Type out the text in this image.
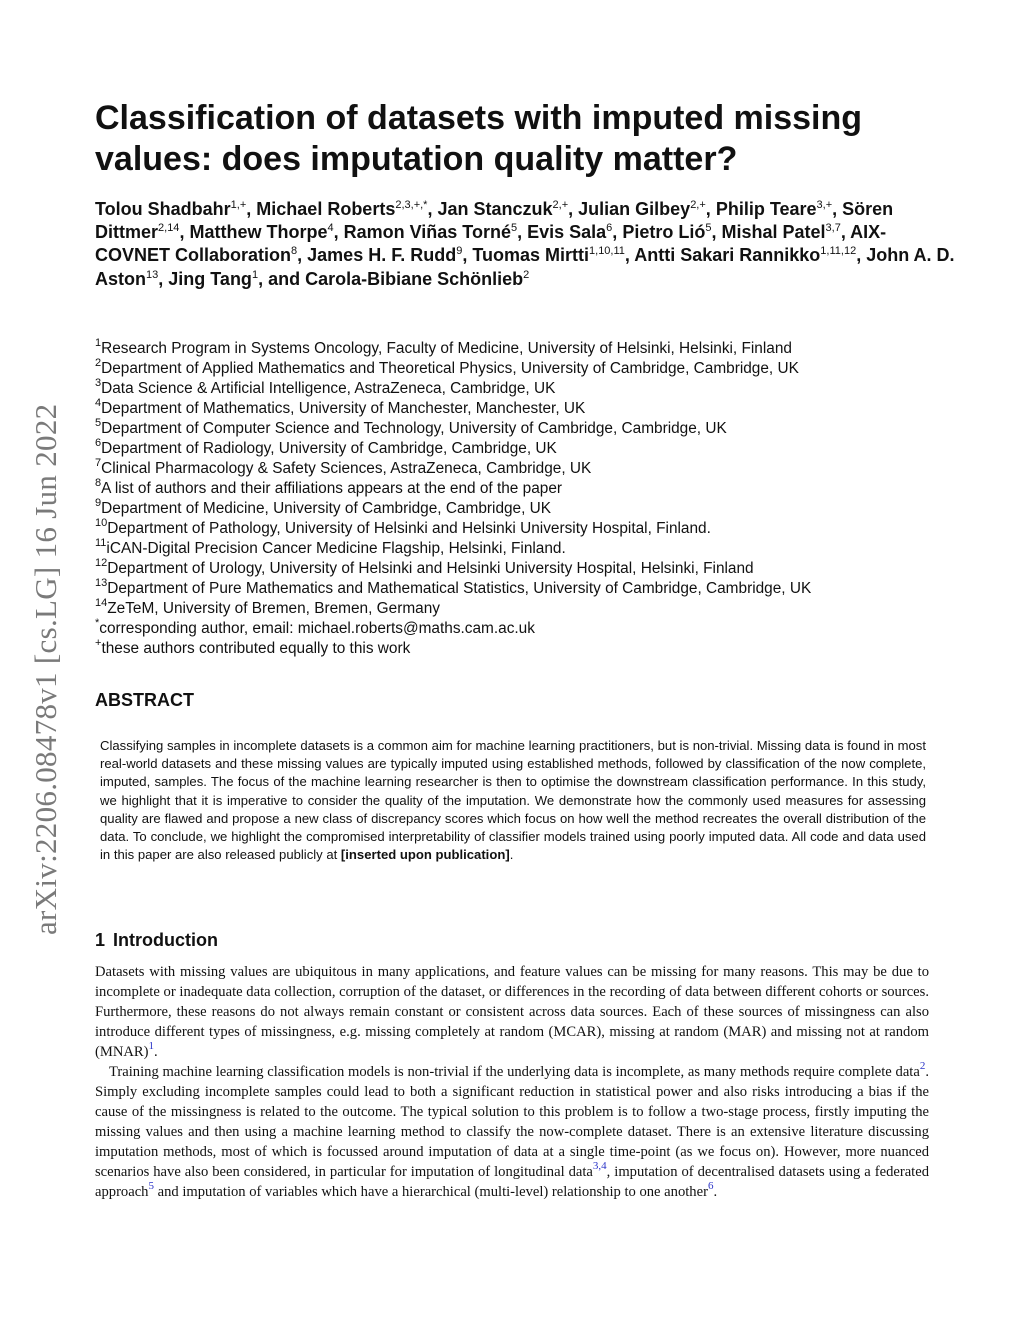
arXiv:2206.08478v1 [cs.LG] 16 Jun 2022
Classification of datasets with imputed missing values: does imputation quality matter?
Tolou Shadbahr$^{1,+}$, Michael Roberts$^{2,3,+,*}$, Jan Stanczuk$^{2,+}$, Julian Gilbey$^{2,+}$, Philip Teare$^{3,+}$, Sören Dittmer$^{2,14}$, Matthew Thorpe$^4$, Ramon Viñas Torné$^5$, Evis Sala$^6$, Pietro Lió$^5$, Mishal Patel$^{3,7}$, AIX-COVNET Collaboration$^8$, James H. F. Rudd$^9$, Tuomas Mirtti$^{1,10,11}$, Antti Sakari Rannikko$^{1,11,12}$, John A. D. Aston$^{13}$, Jing Tang$^1$, and Carola-Bibiane Schönlieb$^2$
$^1$Research Program in Systems Oncology, Faculty of Medicine, University of Helsinki, Helsinki, Finland
$^2$Department of Applied Mathematics and Theoretical Physics, University of Cambridge, Cambridge, UK
$^3$Data Science & Artificial Intelligence, AstraZeneca, Cambridge, UK
$^4$Department of Mathematics, University of Manchester, Manchester, UK
$^5$Department of Computer Science and Technology, University of Cambridge, Cambridge, UK
$^6$Department of Radiology, University of Cambridge, Cambridge, UK
$^7$Clinical Pharmacology & Safety Sciences, AstraZeneca, Cambridge, UK
$^8$A list of authors and their affiliations appears at the end of the paper
$^9$Department of Medicine, University of Cambridge, Cambridge, UK
$^{10}$Department of Pathology, University of Helsinki and Helsinki University Hospital, Finland.
$^{11}$iCAN-Digital Precision Cancer Medicine Flagship, Helsinki, Finland.
$^{12}$Department of Urology, University of Helsinki and Helsinki University Hospital, Helsinki, Finland
$^{13}$Department of Pure Mathematics and Mathematical Statistics, University of Cambridge, Cambridge, UK
$^{14}$ZeTeM, University of Bremen, Bremen, Germany
*corresponding author, email: michael.roberts@maths.cam.ac.uk
+these authors contributed equally to this work
ABSTRACT

Classifying samples in incomplete datasets is a common aim for machine learning practitioners, but is non-trivial. Missing data is found in most real-world datasets and these missing values are typically imputed using established methods, followed by classification of the now complete, imputed, samples. The focus of the machine learning researcher is then to optimise the downstream classification performance. In this study, we highlight that it is imperative to consider the quality of the imputation. We demonstrate how the commonly used measures for assessing quality are flawed and propose a new class of discrepancy scores which focus on how well the method recreates the overall distribution of the data. To conclude, we highlight the compromised interpretability of classifier models trained using poorly imputed data. All code and data used in this paper are also released publicly at [inserted upon publication].

1 Introduction

Datasets with missing values are ubiquitous in many applications, and feature values can be missing for many reasons. This may be due to incomplete or inadequate data collection, corruption of the dataset, or differences in the recording of data between different cohorts or sources. Furthermore, these reasons do not always remain constant or consistent across data sources. Each of these sources of missingness can also introduce different types of missingness, e.g. missing completely at random (MCAR), missing at random (MAR) and missing not at random (MNAR)$^1$.

Training machine learning classification models is non-trivial if the underlying data is incomplete, as many methods require complete data$^2$. Simply excluding incomplete samples could lead to both a significant reduction in statistical power and also risks introducing a bias if the cause of the missingness is related to the outcome. The typical solution to this problem is to follow a two-stage process, firstly imputing the missing values and then using a machine learning method to classify the now-complete dataset. There is an extensive literature discussing imputation methods, most of which is focussed around imputation of data at a single time-point (as we focus on). However, more nuanced scenarios have also been considered, in particular for imputation of longitudinal data$^{3,4}$, imputation of decentralised datasets using a federated approach$^5$ and imputation of variables which have a hierarchical (multi-level) relationship to one another$^6$.
